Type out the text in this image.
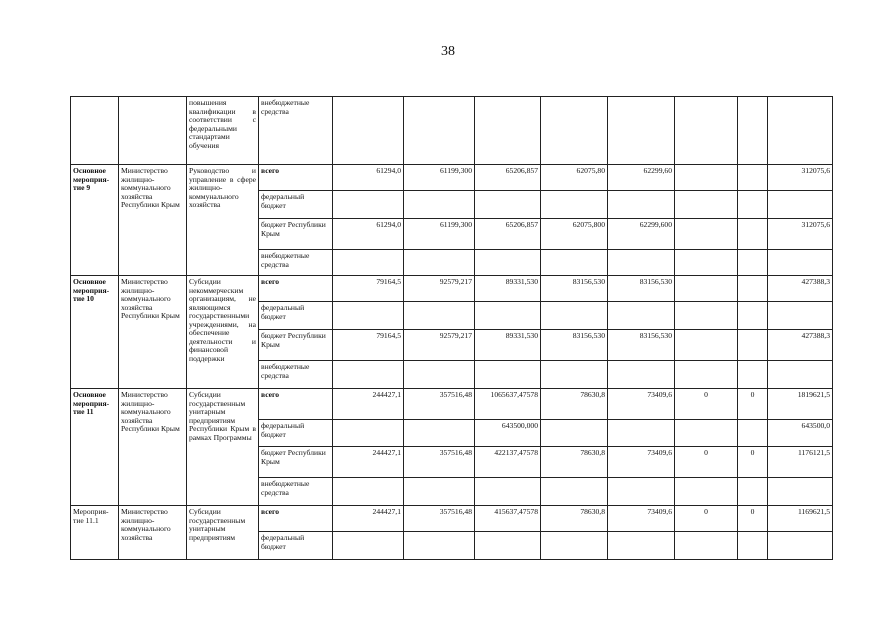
38
		повышения квалификации в соответствии с федеральными стандартами обучения	внебюджетные средства								
Основное мероприя-тие 9	Министерство жилищно-коммунального хозяйства Республики Крым	Руководство и управление в сфере жилищно-коммунального хозяйства	всего	61294,0	61199,300	65206,857	62075,80	62299,60			312075,6
			федеральный бюджет								
			бюджет Республики Крым	61294,0	61199,300	65206,857	62075,800	62299,600			312075,6
			внебюджетные средства								
Основное мероприя-тие 10	Министерство жилищно-коммунального хозяйства Республики Крым	Субсидии некоммерческим организациям, не являющимся государственными учреждениями, на обеспечение деятельности и финансовой поддержки	всего	79164,5	92579,217	89331,530	83156,530	83156,530			427388,3
			федеральный бюджет								
			бюджет Республики Крым	79164,5	92579,217	89331,530	83156,530	83156,530			427388,3
			внебюджетные средства								
Основное мероприя-тие 11	Министерство жилищно-коммунального хозяйства Республики Крым	Субсидии государственным унитарным предприятиям Республики Крым в рамках Программы	всего	244427,1	357516,48	1065637,47578	78630,8	73409,6	0	0	1819621,5
			федеральный бюджет			643500,000					643500,0
			бюджет Республики Крым	244427,1	357516,48	422137,47578	78630,8	73409,6	0	0	1176121,5
			внебюджетные средства								
Мероприя-тие 11.1	Министерство жилищно-коммунального хозяйства	Субсидии государственным унитарным предприятиям	всего	244427,1	357516,48	415637,47578	78630,8	73409,6	0	0	1169621,5
			федеральный бюджет								
